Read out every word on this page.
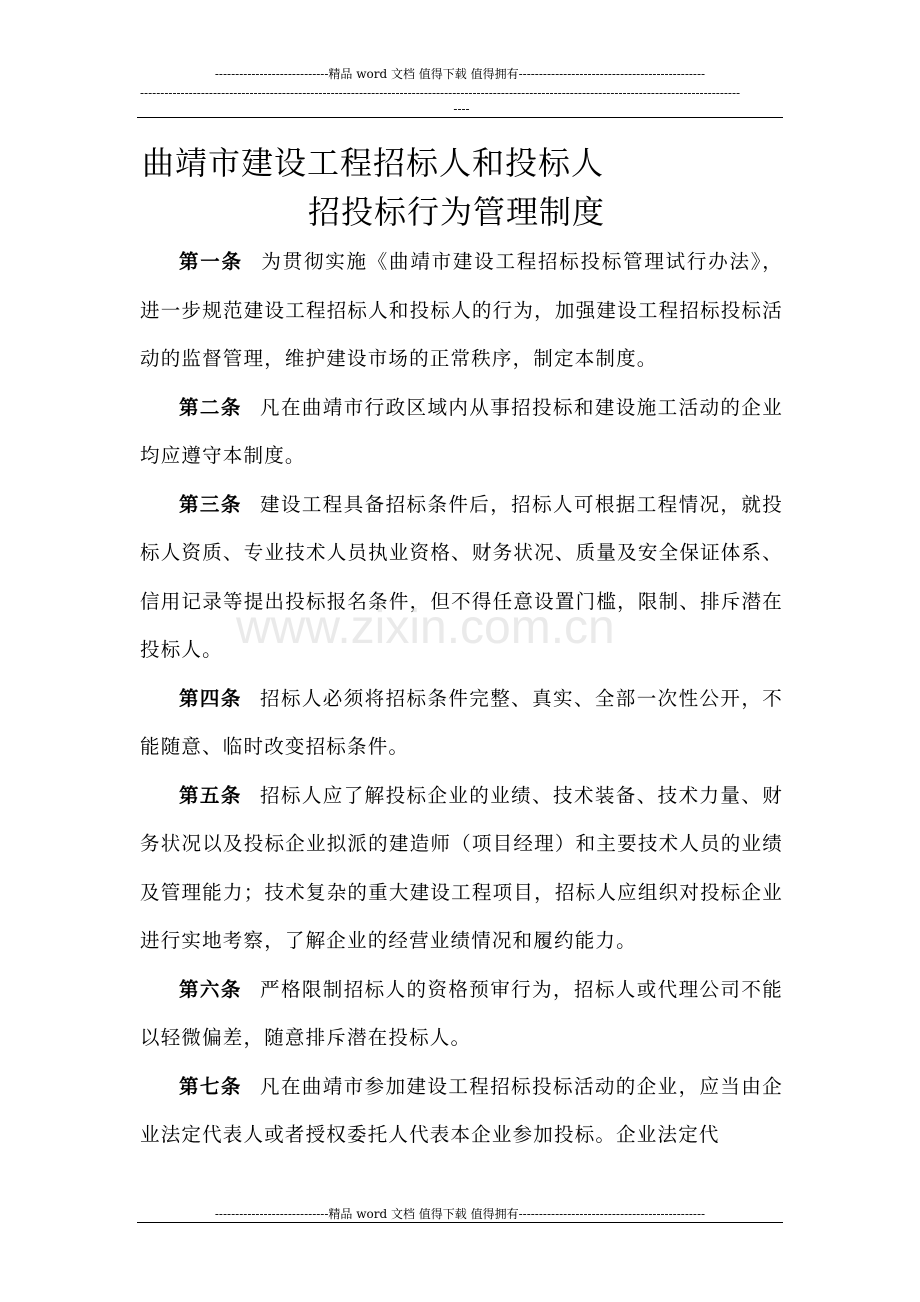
----------------------------精品 word 文档 值得下载 值得拥有----------------------------------------------
----------------------------------------------------------------------------------------------------------------------------------------------------
----
曲靖市建设工程招标人和投标人
招投标行为管理制度

第一条 为贯彻实施《曲靖市建设工程招标投标管理试行办法》，进一步规范建设工程招标人和投标人的行为，加强建设工程招标投标活动的监督管理，维护建设市场的正常秩序，制定本制度。

第二条 凡在曲靖市行政区域内从事招投标和建设施工活动的企业均应遵守本制度。

第三条 建设工程具备招标条件后，招标人可根据工程情况，就投标人资质、专业技术人员执业资格、财务状况、质量及安全保证体系、信用记录等提出投标报名条件，但不得任意设置门槛，限制、排斥潜在投标人。

第四条 招标人必须将招标条件完整、真实、全部一次性公开，不能随意、临时改变招标条件。

第五条 招标人应了解投标企业的业绩、技术装备、技术力量、财务状况以及投标企业拟派的建造师（项目经理）和主要技术人员的业绩及管理能力；技术复杂的重大建设工程项目，招标人应组织对投标企业进行实地考察，了解企业的经营业绩情况和履约能力。

第六条 严格限制招标人的资格预审行为，招标人或代理公司不能以轻微偏差，随意排斥潜在投标人。

第七条 凡在曲靖市参加建设工程招标投标活动的企业，应当由企业法定代表人或者授权委托人代表本企业参加投标。企业法定代

www.zixin.com.cn
----------------------------精品 word 文档 值得下载 值得拥有----------------------------------------------
